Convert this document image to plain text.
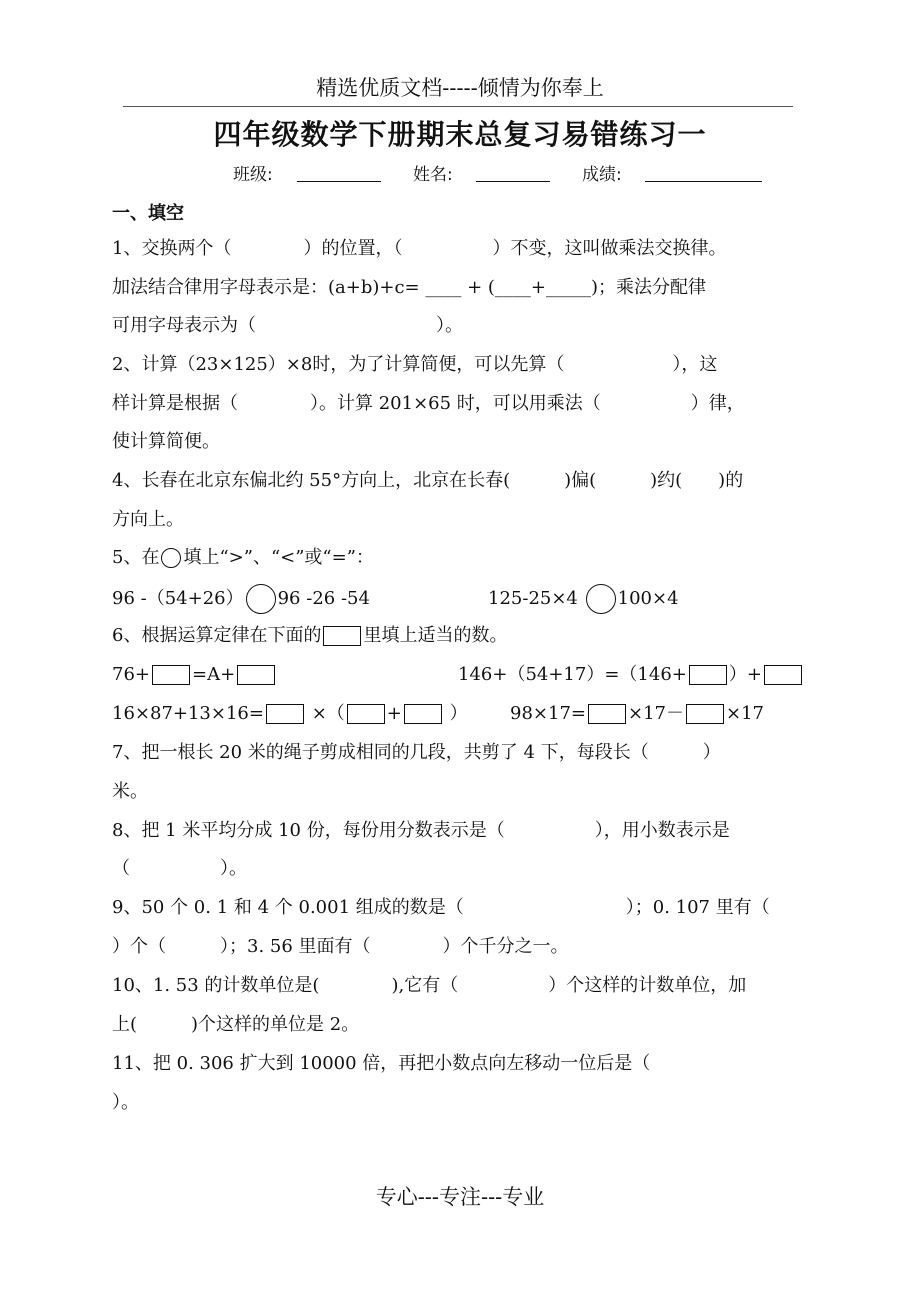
精选优质文档-----倾情为你奉上
四年级数学下册期末总复习易错练习一
班级:	姓名:	成绩:
一、填空
1、交换两个（　　　　）的位置，（　　　　　）不变，这叫做乘法交换律。
加法结合律用字母表示是：(a+b)+c= ____ + (____+_____)；乘法分配律
可用字母表示为（　　　　　　　　　　）。
2、计算（23×125）×8时，为了计算简便，可以先算（　　　　　　），这
样计算是根据（　　　　）。计算 201×65 时，可以用乘法（　　　　　）律，
使计算简便。
4、长春在北京东偏北约 55°方向上，北京在长春(　　　)偏(　　　)约(　　)的
方向上。
5、在 填上“>”、“<”或“=”：
96 -（54+26） 96 -26 -54	125-25×4 100×4
6、根据运算定律在下面的 里填上适当的数。
76+ =A+	146+（54+17）=（146+ ）+
16×87+13×16=	×（ +	） 98×17= ×17－ ×17
7、把一根长 20 米的绳子剪成相同的几段，共剪了 4 下，每段长（　　　）
米。
8、把 1 米平均分成 10 份，每份用分数表示是（　　　　　），用小数表示是
（　　　　　）。
9、50 个 0. 1 和 4 个 0.001 组成的数是（　　　　　　　　　）；0. 107 里有（
）个（　　　）；3. 56 里面有（　　　　）个千分之一。
10、1. 53 的计数单位是(　　　　),它有（　　　　　）个这样的计数单位，加
上(　　　)个这样的单位是 2。
11、把 0. 306 扩大到 10000 倍，再把小数点向左移动一位后是（
）。
专心---专注---专业
